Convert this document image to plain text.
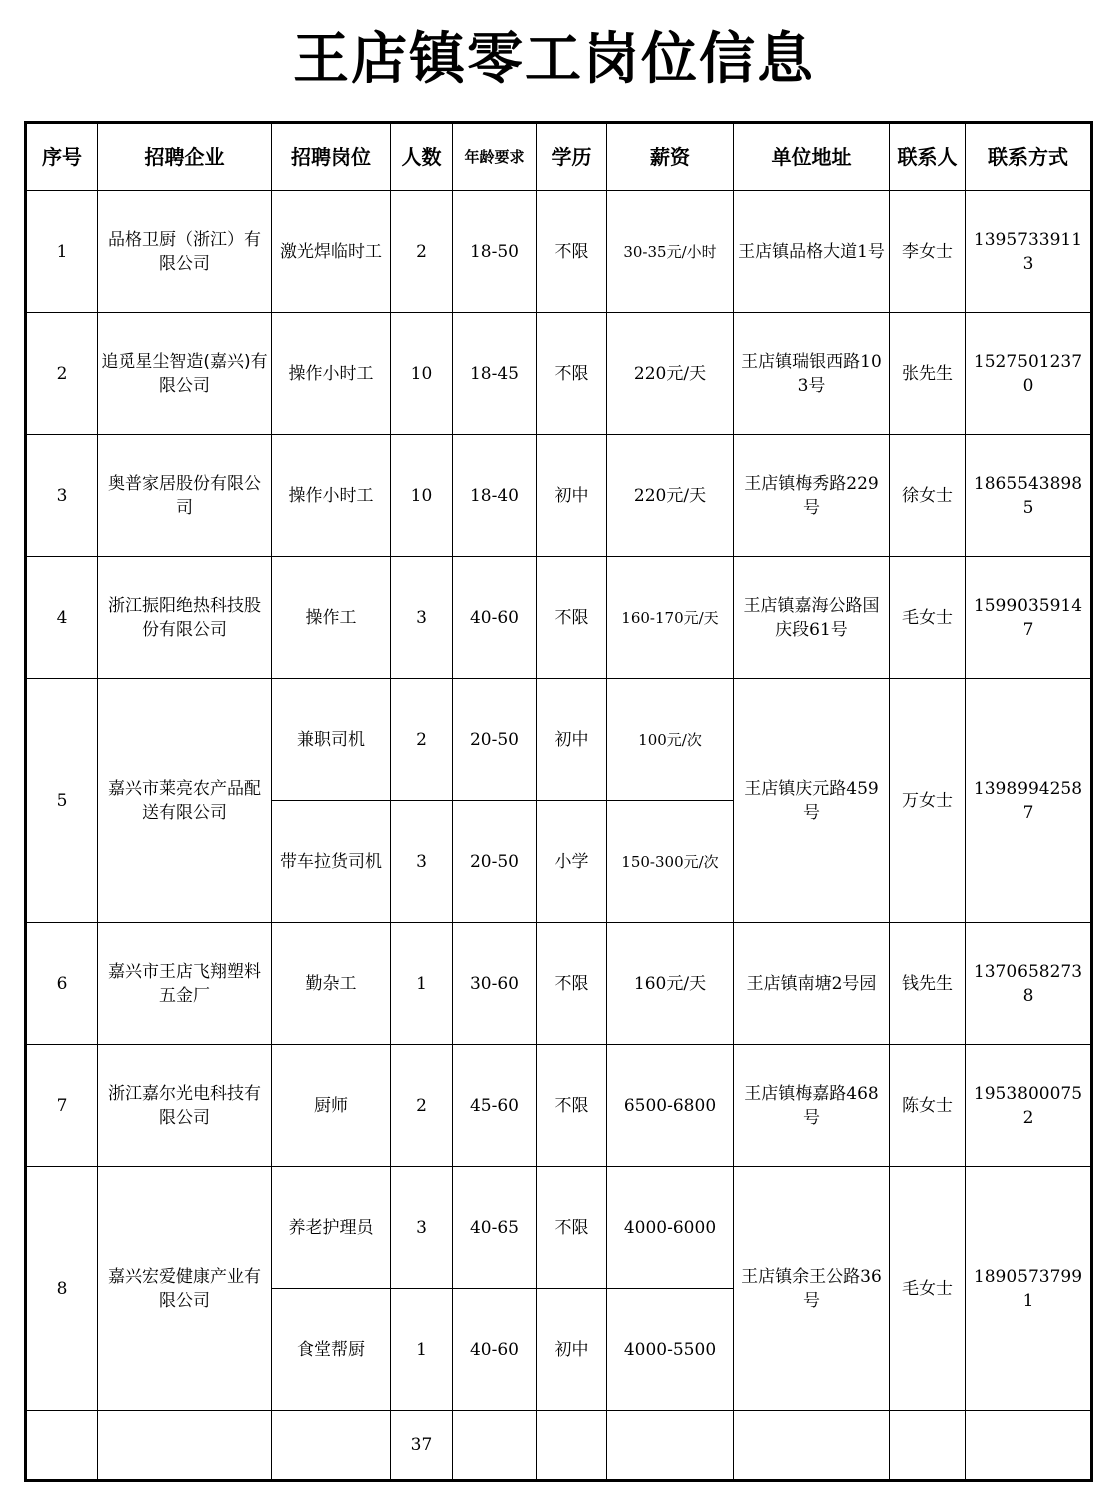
王店镇零工岗位信息
序号	招聘企业	招聘岗位	人数	年龄要求	学历	薪资	单位地址	联系人	联系方式
1	品格卫厨（浙江）有限公司	激光焊临时工	2	18-50	不限	30-35元/小时	王店镇品格大道1号	李女士	13957339113
2	追觅星尘智造(嘉兴)有限公司	操作小时工	10	18-45	不限	220元/天	王店镇瑞银西路103号	张先生	15275012370
3	奥普家居股份有限公司	操作小时工	10	18-40	初中	220元/天	王店镇梅秀路229号	徐女士	18655438985
4	浙江振阳绝热科技股份有限公司	操作工	3	40-60	不限	160-170元/天	王店镇嘉海公路国庆段61号	毛女士	15990359147
5	嘉兴市莱亮农产品配送有限公司	兼职司机	2	20-50	初中	100元/次	王店镇庆元路459号	万女士	13989942587
		带车拉货司机	3	20-50	小学	150-300元/次			
6	嘉兴市王店飞翔塑料五金厂	勤杂工	1	30-60	不限	160元/天	王店镇南塘2号园	钱先生	13706582738
7	浙江嘉尔光电科技有限公司	厨师	2	45-60	不限	6500-6800	王店镇梅嘉路468号	陈女士	19538000752
8	嘉兴宏爱健康产业有限公司	养老护理员	3	40-65	不限	4000-6000	王店镇余王公路36号	毛女士	18905737991
		食堂帮厨	1	40-60	初中	4000-5500			
			37						
